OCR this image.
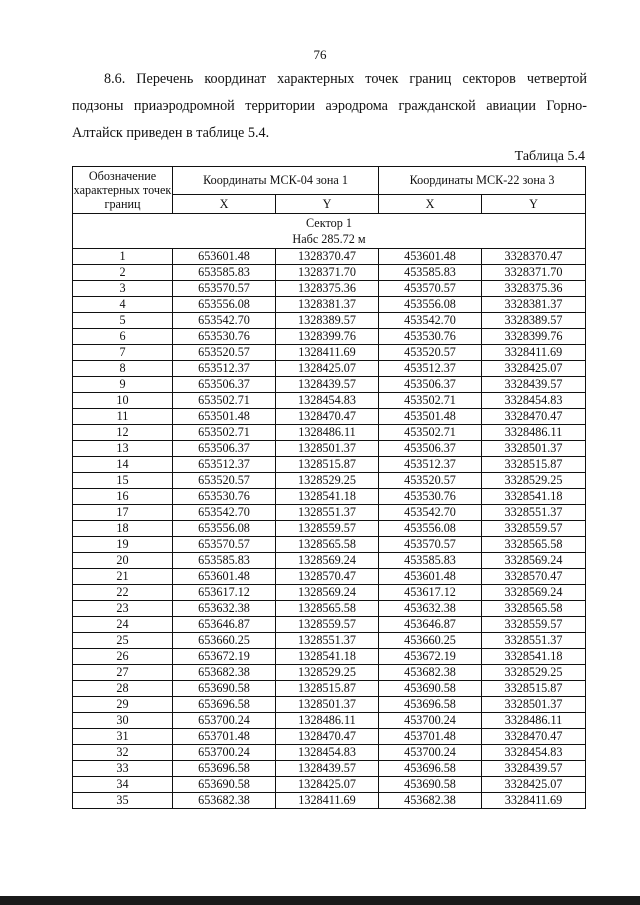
76

8.6. Перечень координат характерных точек границ секторов четвертой подзоны приаэродромной территории аэродрома гражданской авиации Горно-Алтайск приведен в таблице 5.4.

Таблица 5.4
Обозначение характерных точек границ	Координаты МСК-04 зона 1		Координаты МСК-22 зона 3	
	X	Y	X	Y

Сектор 1
Набс 285.72 м				

1	653601.48	1328370.47	453601.48	3328370.47
2	653585.83	1328371.70	453585.83	3328371.70
3	653570.57	1328375.36	453570.57	3328375.36
4	653556.08	1328381.37	453556.08	3328381.37
5	653542.70	1328389.57	453542.70	3328389.57
6	653530.76	1328399.76	453530.76	3328399.76
7	653520.57	1328411.69	453520.57	3328411.69
8	653512.37	1328425.07	453512.37	3328425.07
9	653506.37	1328439.57	453506.37	3328439.57
10	653502.71	1328454.83	453502.71	3328454.83
11	653501.48	1328470.47	453501.48	3328470.47
12	653502.71	1328486.11	453502.71	3328486.11
13	653506.37	1328501.37	453506.37	3328501.37
14	653512.37	1328515.87	453512.37	3328515.87
15	653520.57	1328529.25	453520.57	3328529.25
16	653530.76	1328541.18	453530.76	3328541.18
17	653542.70	1328551.37	453542.70	3328551.37
18	653556.08	1328559.57	453556.08	3328559.57
19	653570.57	1328565.58	453570.57	3328565.58
20	653585.83	1328569.24	453585.83	3328569.24
21	653601.48	1328570.47	453601.48	3328570.47
22	653617.12	1328569.24	453617.12	3328569.24
23	653632.38	1328565.58	453632.38	3328565.58
24	653646.87	1328559.57	453646.87	3328559.57
25	653660.25	1328551.37	453660.25	3328551.37
26	653672.19	1328541.18	453672.19	3328541.18
27	653682.38	1328529.25	453682.38	3328529.25
28	653690.58	1328515.87	453690.58	3328515.87
29	653696.58	1328501.37	453696.58	3328501.37
30	653700.24	1328486.11	453700.24	3328486.11
31	653701.48	1328470.47	453701.48	3328470.47
32	653700.24	1328454.83	453700.24	3328454.83
33	653696.58	1328439.57	453696.58	3328439.57
34	653690.58	1328425.07	453690.58	3328425.07
35	653682.38	1328411.69	453682.38	3328411.69
